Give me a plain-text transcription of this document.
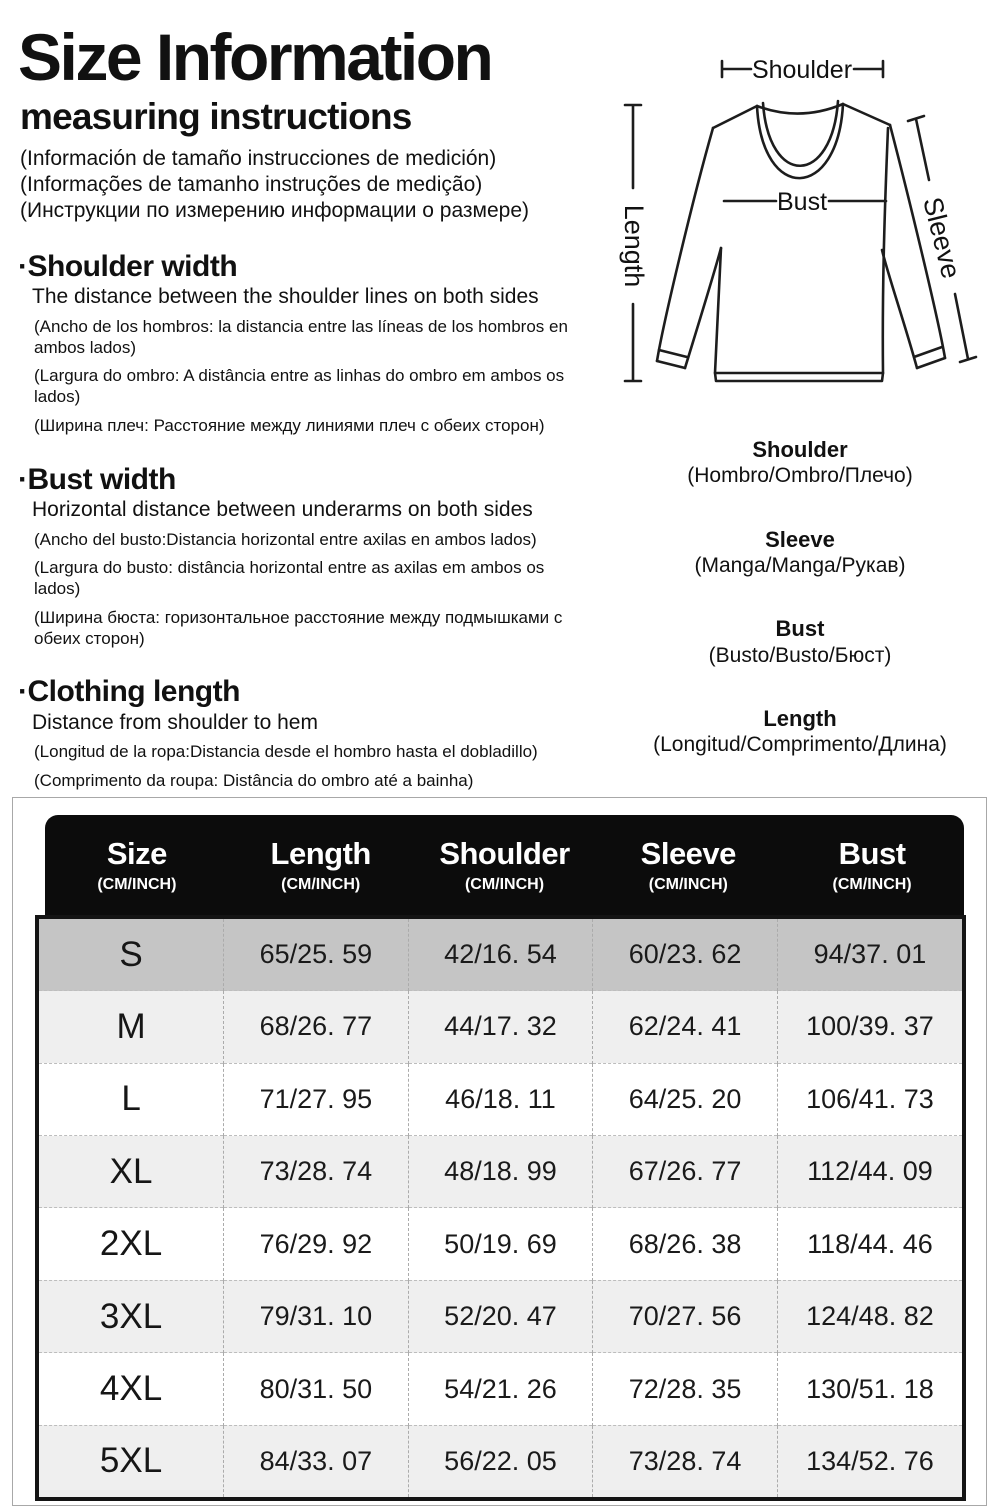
Size Information
measuring instructions

(Información de tamaño instrucciones de medición)

(Informações de tamanho instruções de medição)

(Инструкции по измерению информации о размере)

·Shoulder width

The distance between the shoulder lines on both sides

(Ancho de los hombros: la distancia entre las líneas de los hombros en ambos lados)

(Largura do ombro: A distância entre as linhas do ombro em ambos os lados)

(Ширина плеч: Расстояние между линиями плеч с обеих сторон)

·Bust width

Horizontal distance between underarms on both sides

(Ancho del busto:Distancia horizontal entre axilas en ambos lados)

(Largura do busto: distância horizontal entre as axilas em ambos os lados)

(Ширина бюста: горизонтальное расстояние между подмышками с обеих сторон)

·Clothing length

Distance from shoulder to hem

(Longitud de la ropa:Distancia desde el hombro hasta el dobladillo)

(Comprimento da roupa: Distância do ombro até a bainha)

Shoulder
Length
Bust	Sleeve
Shoulder
(Hombro/Ombro/Плечо)
Sleeve
(Manga/Manga/Рукав)
Bust
(Busto/Busto/Бюст)
Length
(Longitud/Comprimento/Длина)
Size
(CM/INCH)
Length
(CM/INCH)
Shoulder
(CM/INCH)
Sleeve
(CM/INCH)
Bust
(CM/INCH)
S	65/25. 59	42/16. 54	60/23. 62	94/37. 01
M	68/26. 77	44/17. 32	62/24. 41	100/39. 37
L	71/27. 95	46/18. 11	64/25. 20	106/41. 73
XL	73/28. 74	48/18. 99	67/26. 77	112/44. 09
2XL	76/29. 92	50/19. 69	68/26. 38	118/44. 46
3XL	79/31. 10	52/20. 47	70/27. 56	124/48. 82
4XL	80/31. 50	54/21. 26	72/28. 35	130/51. 18
5XL	84/33. 07	56/22. 05	73/28. 74	134/52. 76
